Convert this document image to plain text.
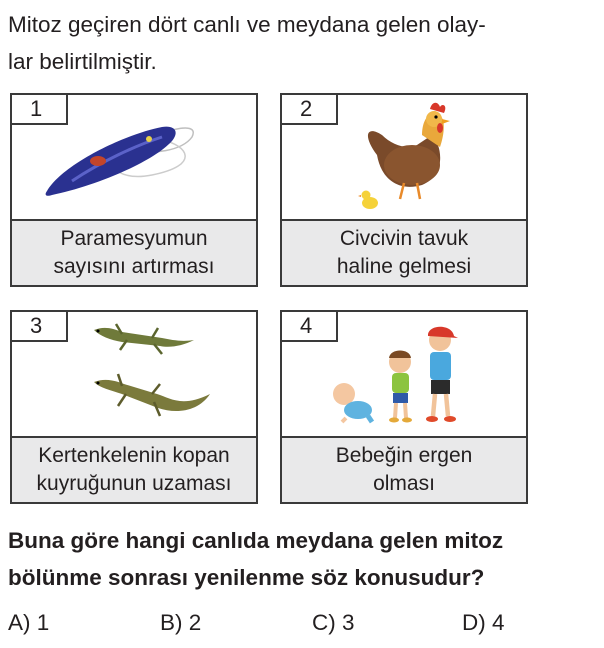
Mitoz geçiren dört canlı ve meydana gelen olay-
lar belirtilmiştir.
1
Paramesyumun
sayısını artırması
2
Civcivin tavuk
haline gelmesi
3
Kertenkelenin kopan
kuyruğunun uzaması
4
Bebeğin ergen
olması
Buna göre hangi canlıda meydana gelen mitoz
bölünme sonrası yenilenme söz konusudur?
A) 1	B) 2	C) 3	D) 4
